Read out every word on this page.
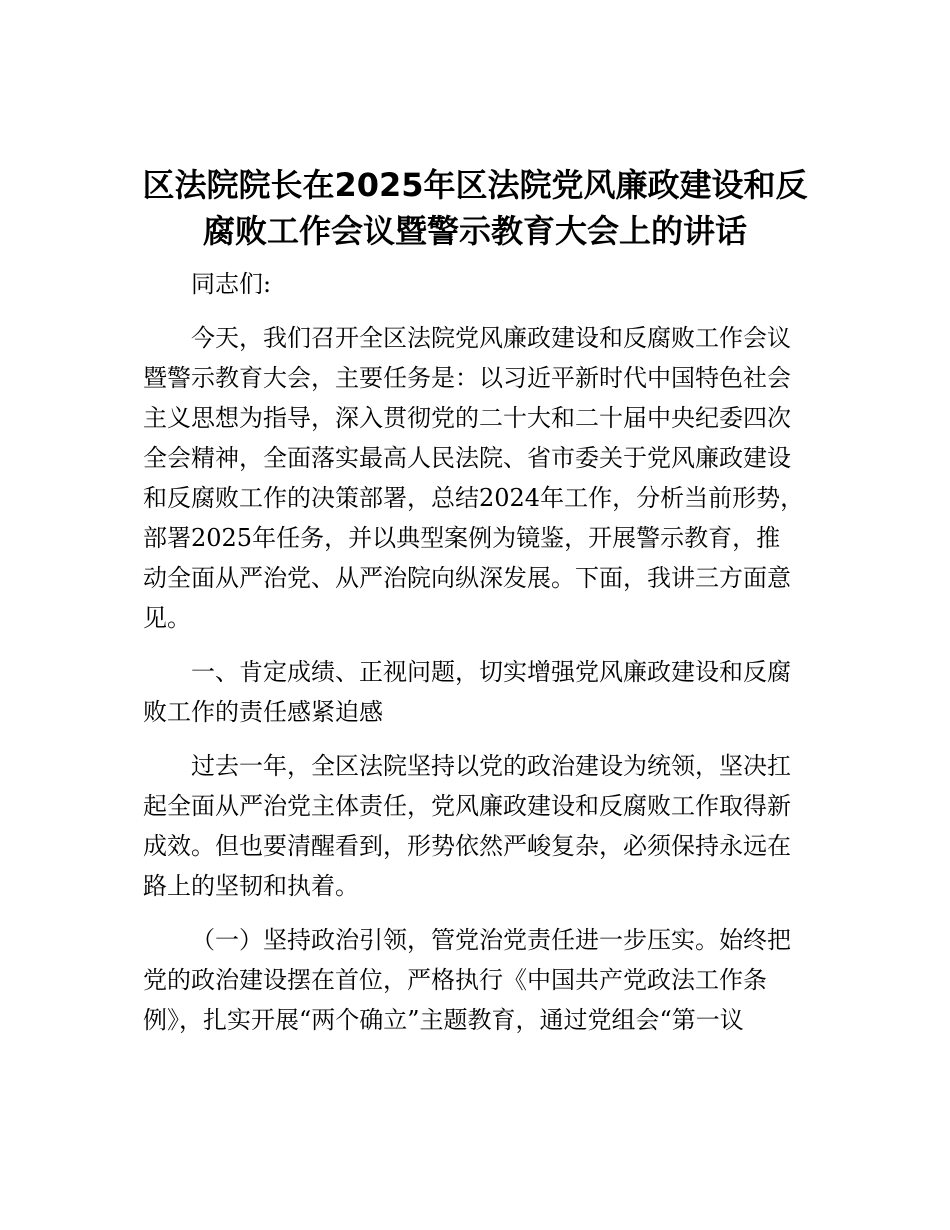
区法院院长在2025年区法院党风廉政建设和反
腐败工作会议暨警示教育大会上的讲话
同志们:
今天，我们召开全区法院党风廉政建设和反腐败工作会议
暨警示教育大会，主要任务是：以习近平新时代中国特色社会
主义思想为指导，深入贯彻党的二十大和二十届中央纪委四次
全会精神，全面落实最高人民法院、省市委关于党风廉政建设
和反腐败工作的决策部署，总结2024年工作，分析当前形势，
部署2025年任务，并以典型案例为镜鉴，开展警示教育，推
动全面从严治党、从严治院向纵深发展。下面，我讲三方面意
见。
一、肯定成绩、正视问题，切实增强党风廉政建设和反腐
败工作的责任感紧迫感
过去一年，全区法院坚持以党的政治建设为统领，坚决扛
起全面从严治党主体责任，党风廉政建设和反腐败工作取得新
成效。但也要清醒看到，形势依然严峻复杂，必须保持永远在
路上的坚韧和执着。
（一）坚持政治引领，管党治党责任进一步压实。始终把
党的政治建设摆在首位，严格执行《中国共产党政法工作条
例》，扎实开展“两个确立”主题教育，通过党组会“第一议
